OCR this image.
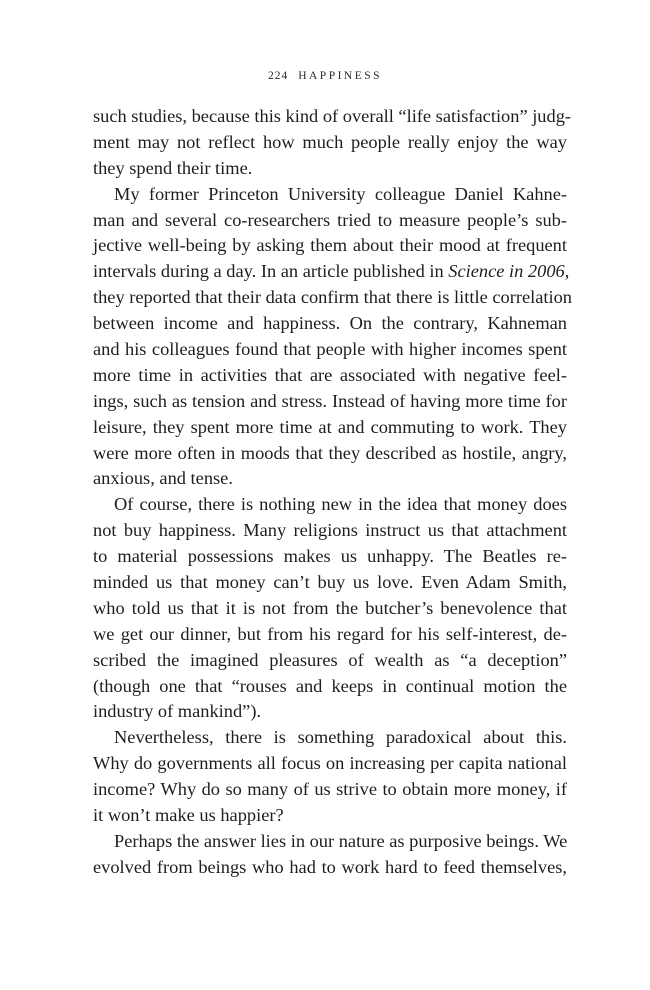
224 HAPPINESS
such studies, because this kind of overall “life satisfaction” judg-
ment may not reflect how much people really enjoy the way
they spend their time.
My former Princeton University colleague Daniel Kahne-
man and several co-researchers tried to measure people’s sub-
jective well-being by asking them about their mood at frequent
intervals during a day. In an article published in Science in 2006,
they reported that their data confirm that there is little correlation
between income and happiness. On the contrary, Kahneman
and his colleagues found that people with higher incomes spent
more time in activities that are associated with negative feel-
ings, such as tension and stress. Instead of having more time for
leisure, they spent more time at and commuting to work. They
were more often in moods that they described as hostile, angry,
anxious, and tense.
Of course, there is nothing new in the idea that money does
not buy happiness. Many religions instruct us that attachment
to material possessions makes us unhappy. The Beatles re-
minded us that money can’t buy us love. Even Adam Smith,
who told us that it is not from the butcher’s benevolence that
we get our dinner, but from his regard for his self-interest, de-
scribed the imagined pleasures of wealth as “a deception”
(though one that “rouses and keeps in continual motion the
industry of mankind”).
Nevertheless, there is something paradoxical about this.
Why do governments all focus on increasing per capita national
income? Why do so many of us strive to obtain more money, if
it won’t make us happier?
Perhaps the answer lies in our nature as purposive beings. We
evolved from beings who had to work hard to feed themselves,
